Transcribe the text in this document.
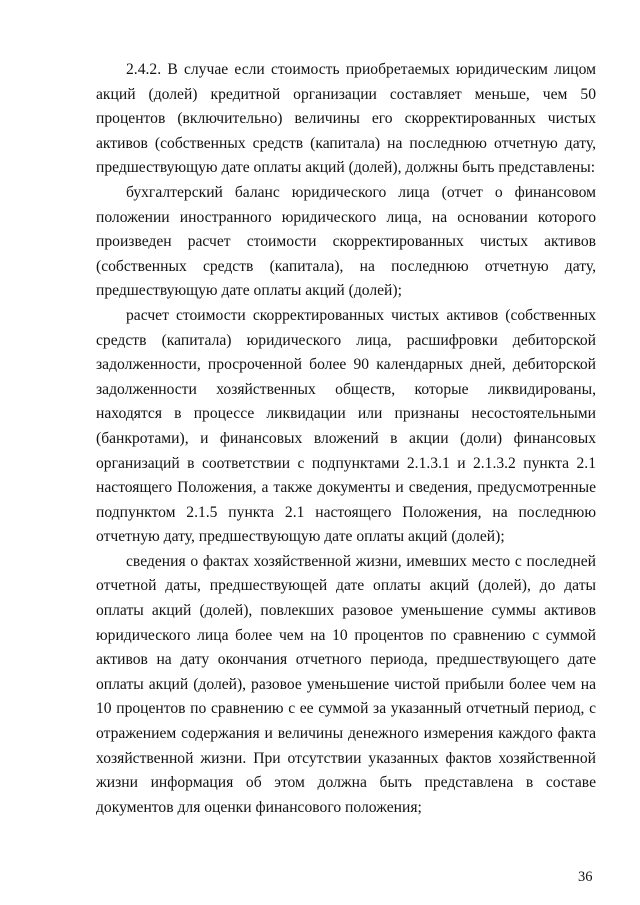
2.4.2. В случае если стоимость приобретаемых юридическим лицом акций (долей) кредитной организации составляет меньше, чем 50 процентов (включительно) величины его скорректированных чистых активов (собственных средств (капитала) на последнюю отчетную дату, предшествующую дате оплаты акций (долей), должны быть представлены:

бухгалтерский баланс юридического лица (отчет о финансовом положении иностранного юридического лица, на основании которого произведен расчет стоимости скорректированных чистых активов (собственных средств (капитала), на последнюю отчетную дату, предшествующую дате оплаты акций (долей);

расчет стоимости скорректированных чистых активов (собственных средств (капитала) юридического лица, расшифровки дебиторской задолженности, просроченной более 90 календарных дней, дебиторской задолженности хозяйственных обществ, которые ликвидированы, находятся в процессе ликвидации или признаны несостоятельными (банкротами), и финансовых вложений в акции (доли) финансовых организаций в соответствии с подпунктами 2.1.3.1 и 2.1.3.2 пункта 2.1 настоящего Положения, а также документы и сведения, предусмотренные подпунктом 2.1.5 пункта 2.1 настоящего Положения, на последнюю отчетную дату, предшествующую дате оплаты акций (долей);

сведения о фактах хозяйственной жизни, имевших место с последней отчетной даты, предшествующей дате оплаты акций (долей), до даты оплаты акций (долей), повлекших разовое уменьшение суммы активов юридического лица более чем на 10 процентов по сравнению с суммой активов на дату окончания отчетного периода, предшествующего дате оплаты акций (долей), разовое уменьшение чистой прибыли более чем на 10 процентов по сравнению с ее суммой за указанный отчетный период, с отражением содержания и величины денежного измерения каждого факта хозяйственной жизни. При отсутствии указанных фактов хозяйственной жизни информация об этом должна быть представлена в составе документов для оценки финансового положения;

36
